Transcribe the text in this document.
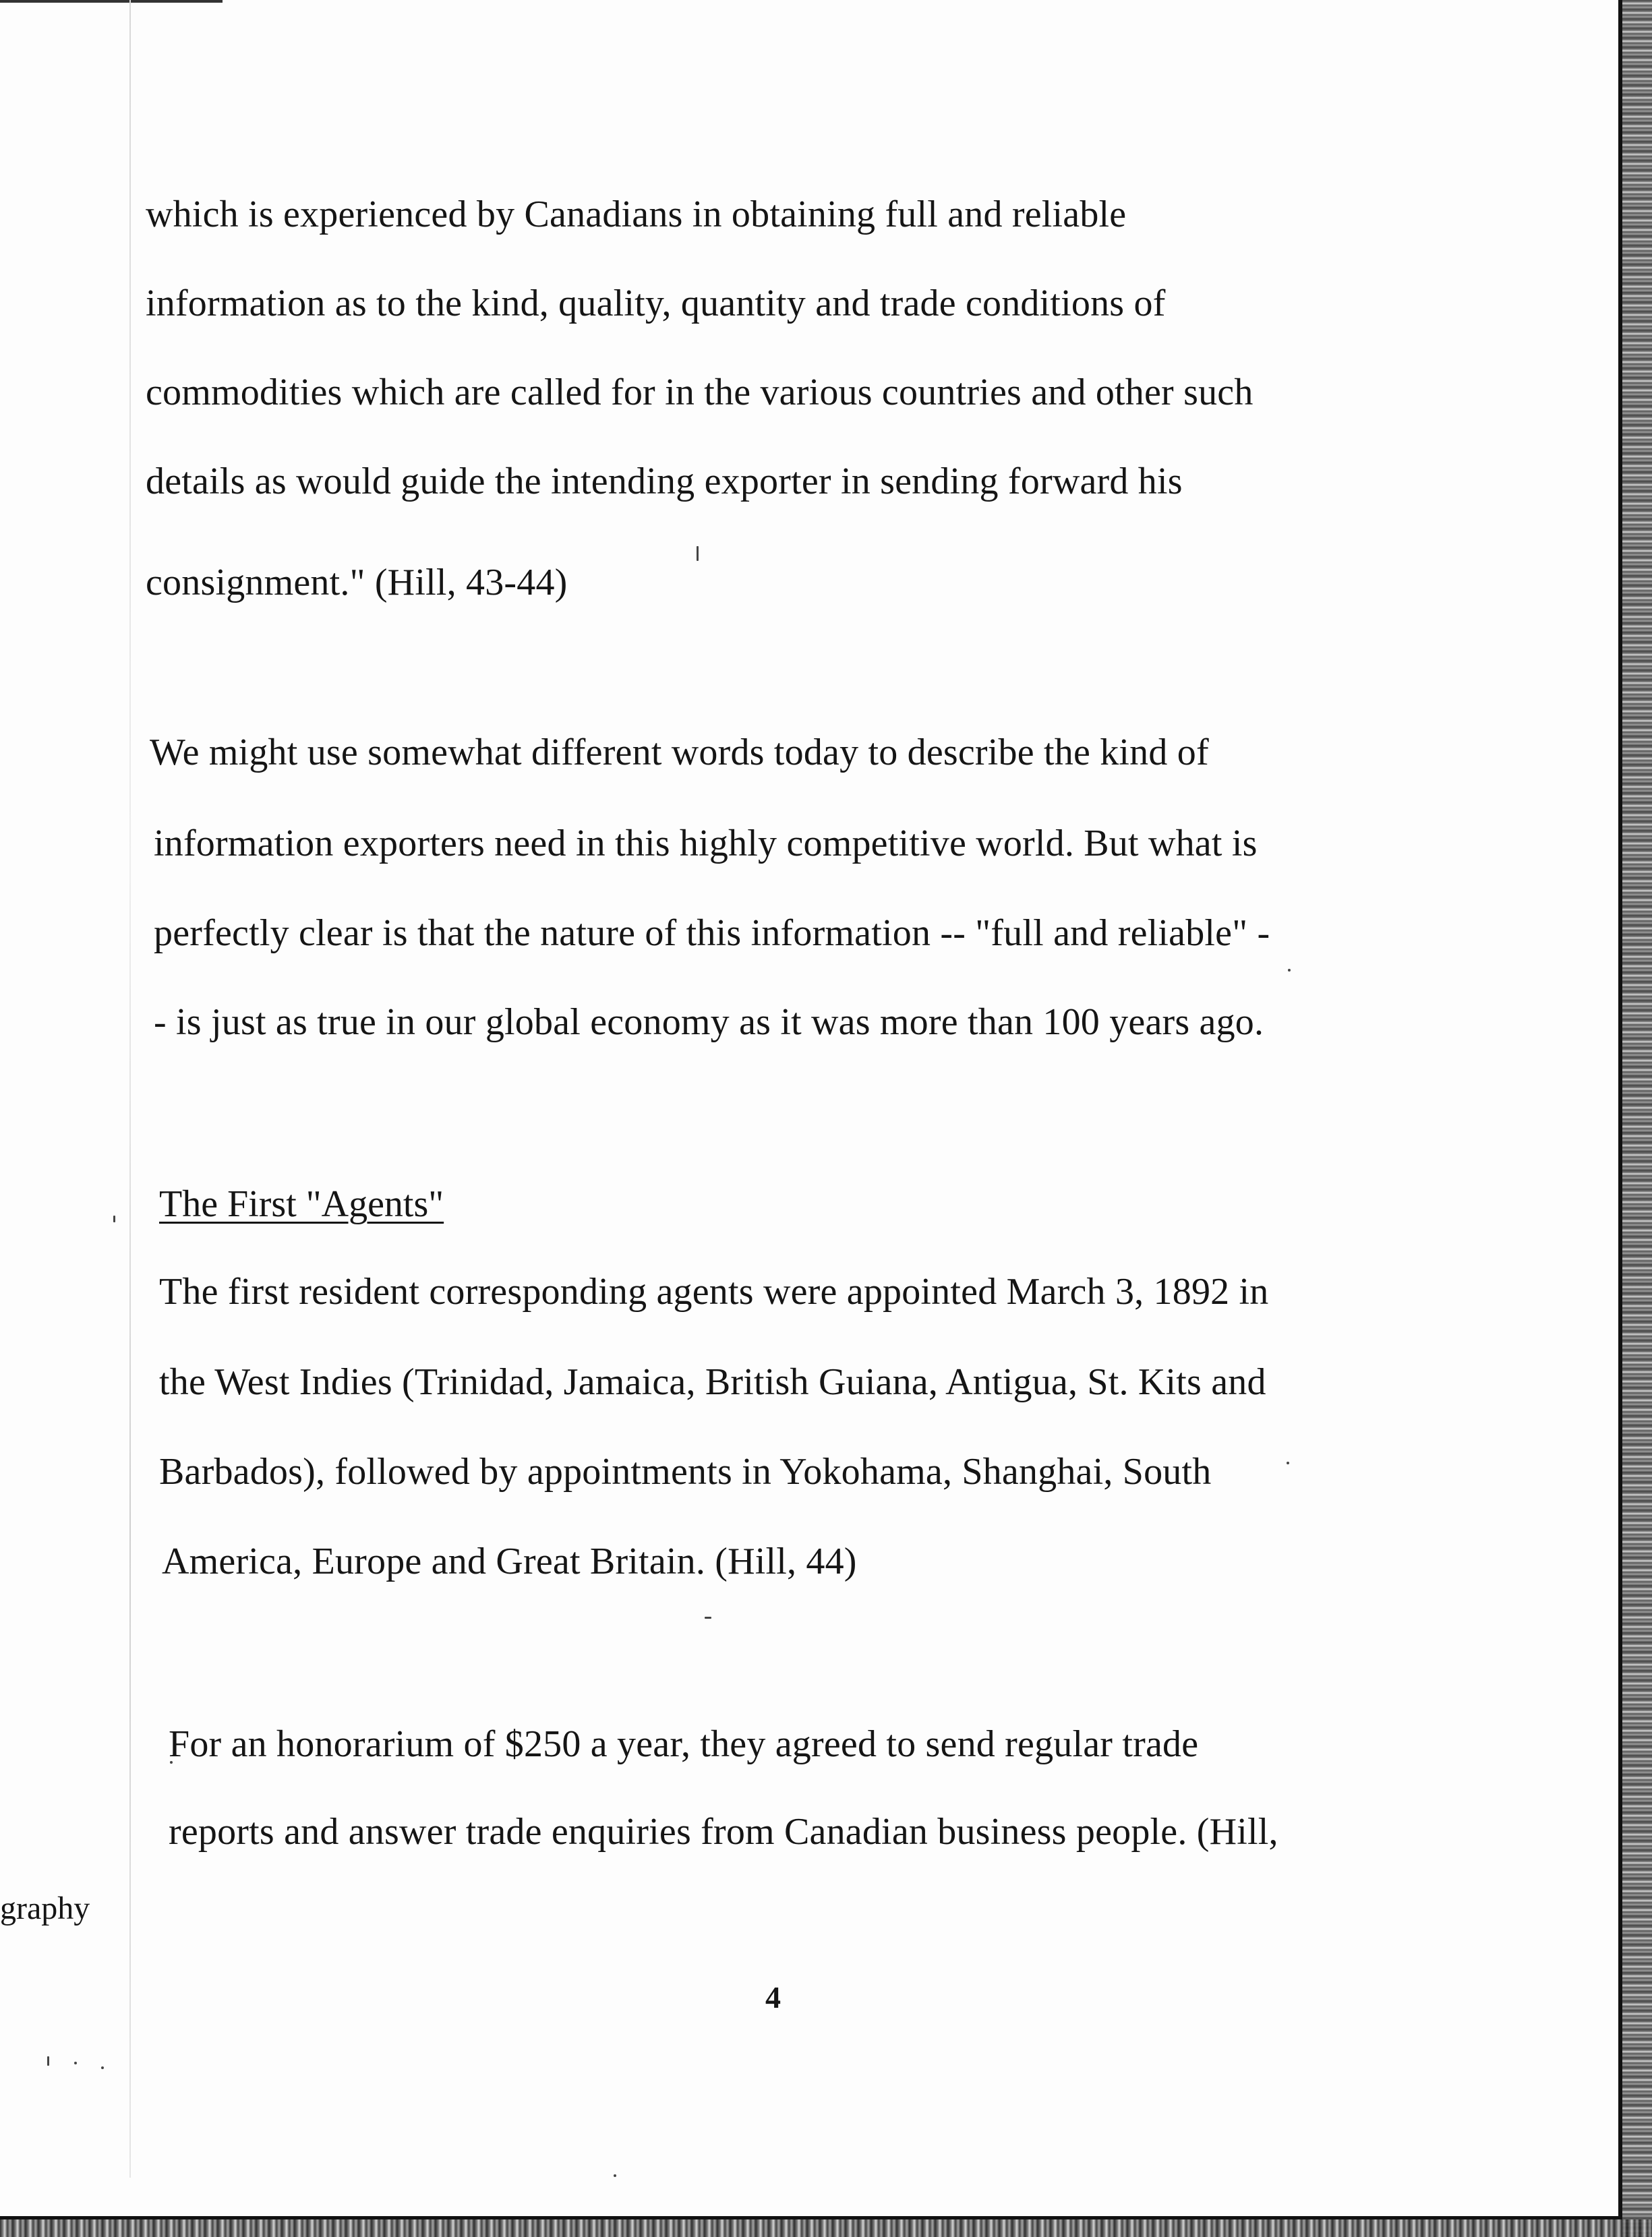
which is experienced by Canadians in obtaining full and reliable
information as to the kind, quality, quantity and trade conditions of
commodities which are called for in the various countries and other such
details as would guide the intending exporter in sending forward his
consignment." (Hill, 43-44)
We might use somewhat different words today to describe the kind of
information exporters need in this highly competitive world. But what is
perfectly clear is that the nature of this information -- "full and reliable" -
- is just as true in our global economy as it was more than 100 years ago.
The First "Agents"
The first resident corresponding agents were appointed March 3, 1892 in
the West Indies (Trinidad, Jamaica, British Guiana, Antigua, St. Kits and
Barbados), followed by appointments in Yokohama, Shanghai, South
America, Europe and Great Britain. (Hill, 44)
For an honorarium of $250 a year, they agreed to send regular trade
reports and answer trade enquiries from Canadian business people. (Hill,
graphy
4
